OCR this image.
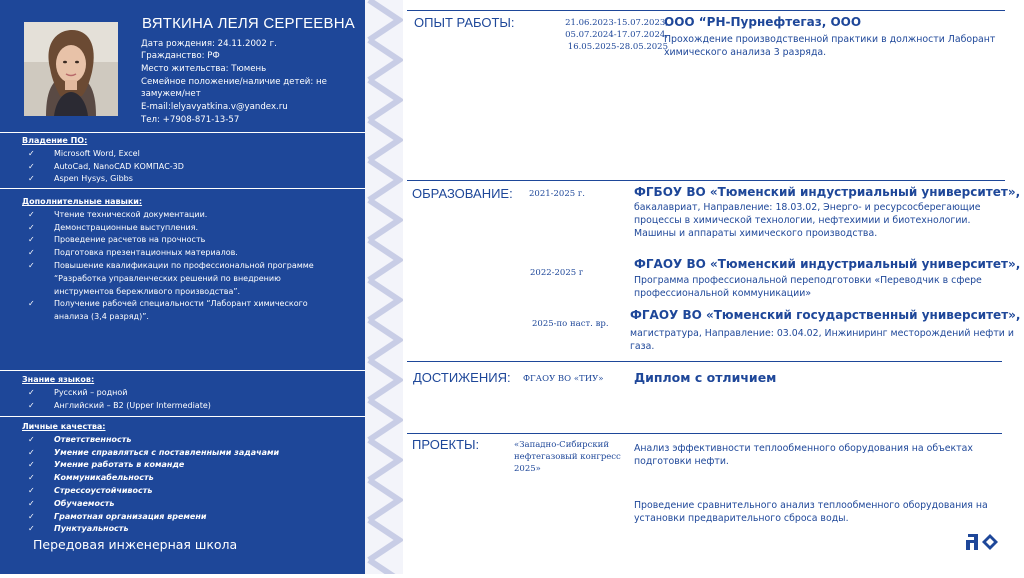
ВЯТКИНА ЛЕЛЯ СЕРГЕЕВНА
Дата рождения: 24.11.2002 г.
Гражданство: РФ
Место жительства: Тюмень
Семейное положение/наличие детей: не замужем/нет
E-mail:lelyavyatkina.v@yandex.ru
Тел: +7908-871-13-57
Владение ПО:
✓ Microsoft Word, Excel
✓ AutoCad, NanoCAD КОМПАС-3D
✓ Aspen Hysys, Gibbs
Дополнительные навыки:
✓ Чтение технической документации.
✓ Демонстрационные выступления.
✓ Проведение расчетов на прочность
✓ Подготовка презентационных материалов.
✓ Повышение квалификации по профессиональной программе “Разработка управленческих решений по внедрению инструментов бережливого производства”.
✓ Получение рабочей специальности “Лаборант химического анализа (3,4 разряд)”.
Знание языков:
✓ Русский – родной
✓ Английский – В2 (Upper Intermediate)
Личные качества:
✓ Ответственность
✓ Умение справляться с поставленными задачами
✓ Умение работать в команде
✓ Коммуникабельность
✓ Стрессоустойчивость
✓ Обучаемость
✓ Грамотная организация времени
✓ Пунктуальность
Передовая инженерная школа
ОПЫТ РАБОТЫ:	21.06.2023-15.07.2023,
05.07.2024-17.07.2024,
16.05.2025-28.05.2025
ООО “РН-Пурнефтегаз, ООО
Прохождение производственной практики в должности Лаборант химического анализа 3 разряда.
ОБРАЗОВАНИЕ: 2021-2025 г.	ФГБОУ ВО «Тюменский индустриальный университет»,
бакалавриат, Направление: 18.03.02, Энерго- и ресурсосберегающие процессы в химической технологии, нефтехимии и биотехнологии. Машины и аппараты химического производства.
2022-2025 г
ФГАОУ ВО «Тюменский индустриальный университет»,
Программа профессиональной переподготовки «Переводчик в сфере профессиональной коммуникации»
2025-по наст. вр.
ФГАОУ ВО «Тюменский государственный университет»,
магистратура, Направление: 03.04.02, Инжиниринг месторождений нефти и газа.
ДОСТИЖЕНИЯ: ФГАОУ ВО «ТИУ» Диплом с отличием
ПРОЕКТЫ:	«Западно-Сибирский нефтегазовый конгресс 2025»
Анализ эффективности теплообменного оборудования на объектах подготовки нефти.
Проведение сравнительного анализ теплообменного оборудования на установки предварительного сброса воды.
